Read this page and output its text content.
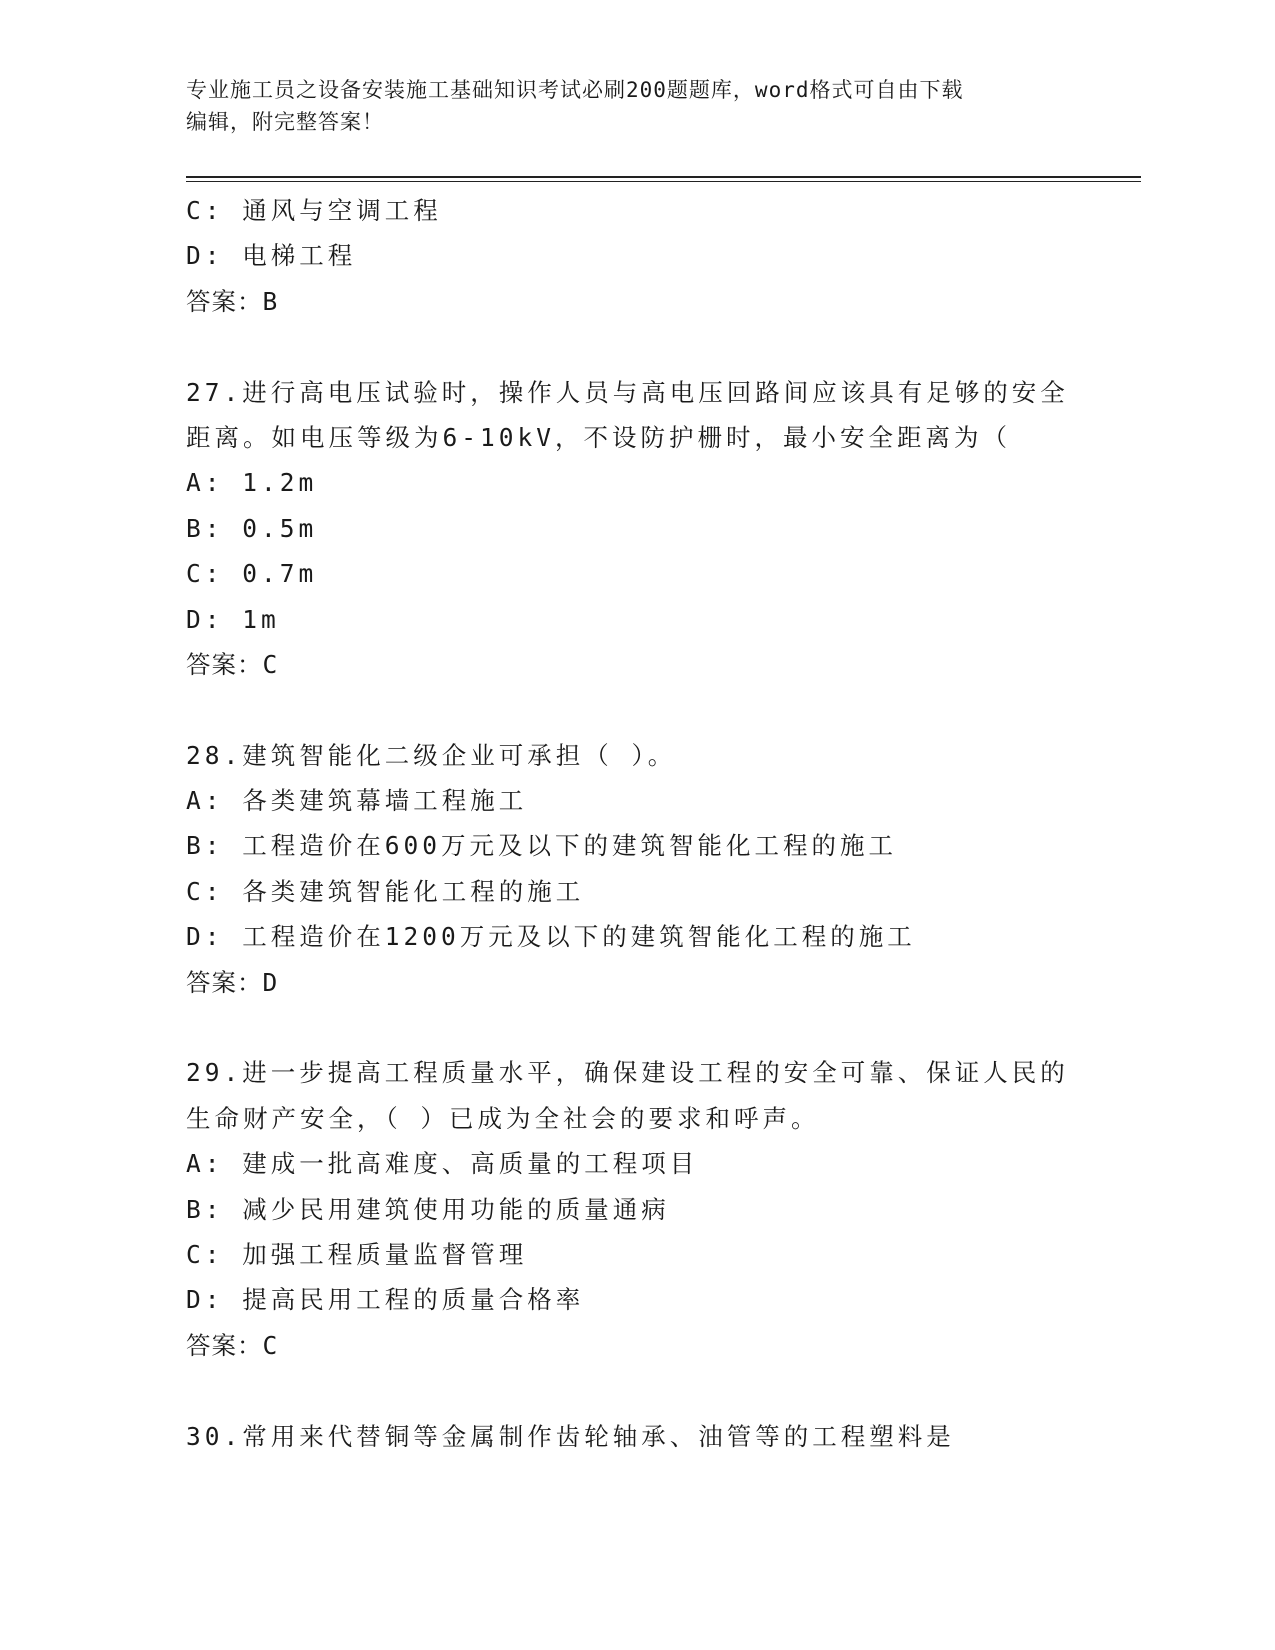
专业施工员之设备安装施工基础知识考试必刷200题题库，word格式可自由下载
编辑，附完整答案！
C: 通风与空调工程
D: 电梯工程
答案：B
27.进行高电压试验时，操作人员与高电压回路间应该具有足够的安全
距离。如电压等级为6-10kV，不设防护栅时，最小安全距离为（
A: 1.2m
B: 0.5m
C: 0.7m
D: 1m
答案：C
28.建筑智能化二级企业可承担（ ）。
A: 各类建筑幕墙工程施工
B: 工程造价在600万元及以下的建筑智能化工程的施工
C: 各类建筑智能化工程的施工
D: 工程造价在1200万元及以下的建筑智能化工程的施工
答案：D
29.进一步提高工程质量水平，确保建设工程的安全可靠、保证人民的
生命财产安全，（ ）已成为全社会的要求和呼声。
A: 建成一批高难度、高质量的工程项目
B: 减少民用建筑使用功能的质量通病
C: 加强工程质量监督管理
D: 提高民用工程的质量合格率
答案：C
30.常用来代替铜等金属制作齿轮轴承、油管等的工程塑料是
